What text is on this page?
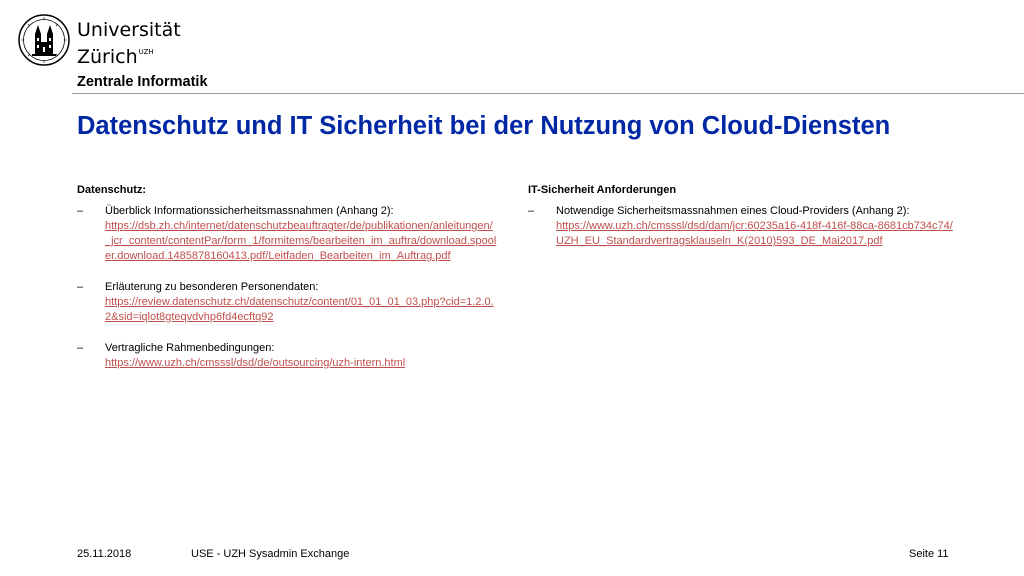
Universität
Zürich$^{UZH}$
Zentrale Informatik
Datenschutz und IT Sicherheit bei der Nutzung von Cloud-Diensten
Datenschutz:
– Überblick Informationssicherheitsmassnahmen (Anhang 2):
https://dsb.zh.ch/internet/datenschutzbeauftragter/de/publikationen/anleitungen/_jcr_content/contentPar/form_1/formitems/bearbeiten_im_auftra/download.spooler.download.1485878160413.pdf/Leitfaden_Bearbeiten_im_Auftrag.pdf
– Erläuterung zu besonderen Personendaten:
https://review.datenschutz.ch/datenschutz/content/01_01_01_03.php?cid=1.2.0.2&sid=iqlot8gteqvdvhp6fd4ecftq92
– Vertragliche Rahmenbedingungen:
https://www.uzh.ch/cmsssl/dsd/de/outsourcing/uzh-intern.html
IT-Sicherheit Anforderungen
– Notwendige Sicherheitsmassnahmen eines Cloud-Providers (Anhang 2):
https://www.uzh.ch/cmsssl/dsd/dam/jcr:60235a16-418f-416f-88ca-8681cb734c74/UZH_EU_Standardvertragsklauseln_K(2010)593_DE_Mai2017.pdf
25.11.2018	USE - UZH Sysadmin Exchange	Seite 11
